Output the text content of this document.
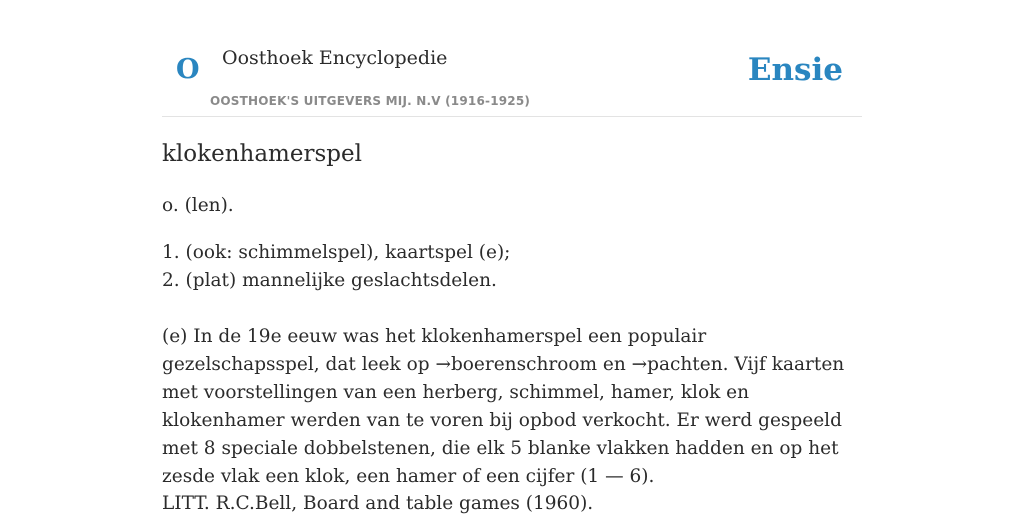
O Oosthoek Encyclopedie
OOSTHOEK'S UITGEVERS MIJ. N.V (1916-1925)
Ensie
klokenhamerspel

o. (len).

1. (ook: schimmelspel), kaartspel (e);
2. (plat) mannelijke geslachtsdelen.

(e) In de 19e eeuw was het klokenhamerspel een populair gezelschapsspel, dat leek op →boerenschroom en →pachten. Vijf kaarten met voorstellingen van een herberg, schimmel, hamer, klok en klokenhamer werden van te voren bij opbod verkocht. Er werd gespeeld met 8 speciale dobbelstenen, die elk 5 blanke vlakken hadden en op het zesde vlak een klok, een hamer of een cijfer (1 — 6).

LITT. R.C.Bell, Board and table games (1960).
